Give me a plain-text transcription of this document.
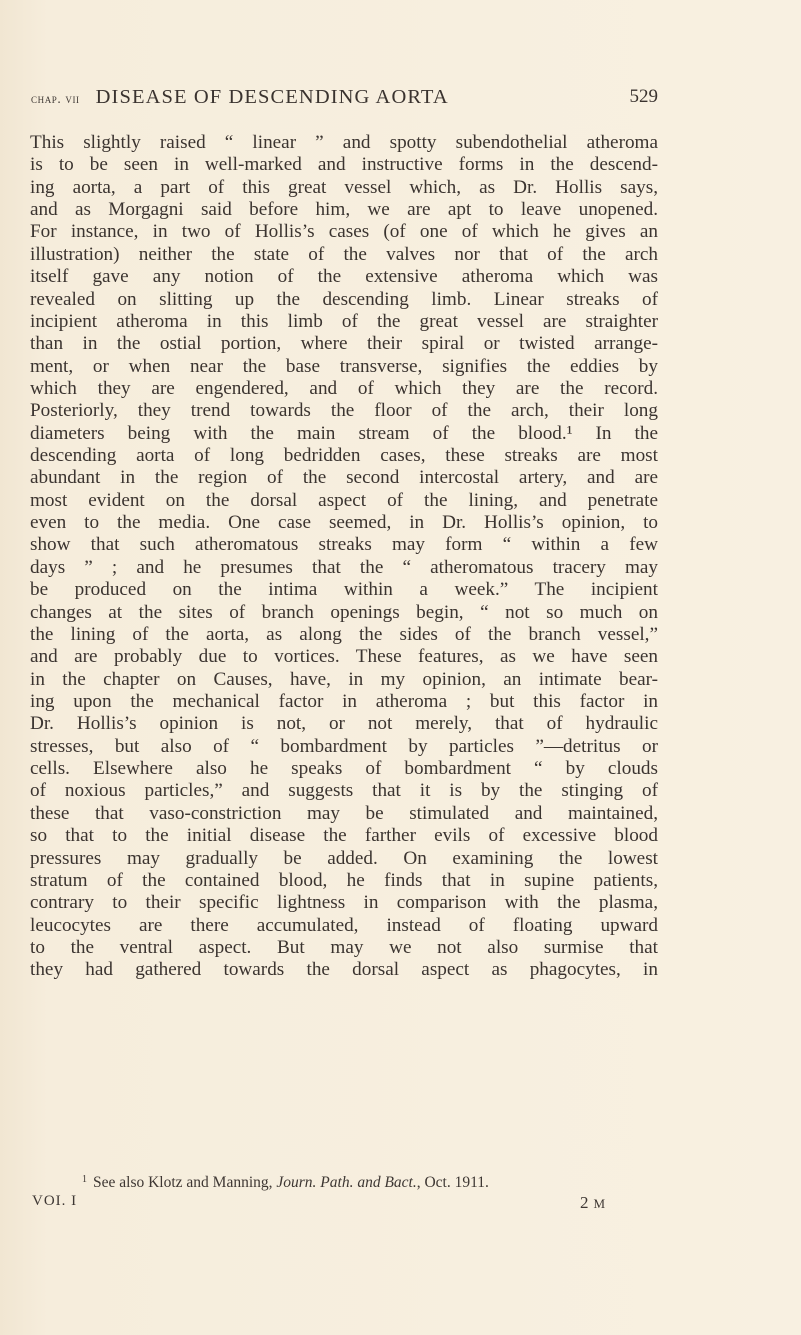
chap. vii DISEASE OF DESCENDING AORTA	529
This slightly raised “ linear ” and spotty subendothelial atheroma
is to be seen in well-marked and instructive forms in the descend-
ing aorta, a part of this great vessel which, as Dr. Hollis says,
and as Morgagni said before him, we are apt to leave unopened.
For instance, in two of Hollis’s cases (of one of which he gives an
illustration) neither the state of the valves nor that of the arch
itself gave any notion of the extensive atheroma which was
revealed on slitting up the descending limb. Linear streaks of
incipient atheroma in this limb of the great vessel are straighter
than in the ostial portion, where their spiral or twisted arrange-
ment, or when near the base transverse, signifies the eddies by
which they are engendered, and of which they are the record.
Posteriorly, they trend towards the floor of the arch, their long
diameters being with the main stream of the blood.¹ In the
descending aorta of long bedridden cases, these streaks are most
abundant in the region of the second intercostal artery, and are
most evident on the dorsal aspect of the lining, and penetrate
even to the media. One case seemed, in Dr. Hollis’s opinion, to
show that such atheromatous streaks may form “ within a few
days ” ; and he presumes that the “ atheromatous tracery may
be produced on the intima within a week.” The incipient
changes at the sites of branch openings begin, “ not so much on
the lining of the aorta, as along the sides of the branch vessel,”
and are probably due to vortices. These features, as we have seen
in the chapter on Causes, have, in my opinion, an intimate bear-
ing upon the mechanical factor in atheroma ; but this factor in
Dr. Hollis’s opinion is not, or not merely, that of hydraulic
stresses, but also of “ bombardment by particles ”—detritus or
cells. Elsewhere also he speaks of bombardment “ by clouds
of noxious particles,” and suggests that it is by the stinging of
these that vaso-constriction may be stimulated and maintained,
so that to the initial disease the farther evils of excessive blood
pressures may gradually be added. On examining the lowest
stratum of the contained blood, he finds that in supine patients,
contrary to their specific lightness in comparison with the plasma,
leucocytes are there accumulated, instead of floating upward
to the ventral aspect. But may we not also surmise that
they had gathered towards the dorsal aspect as phagocytes, in
$^1$ See also Klotz and Manning, Journ. Path. and Bact., Oct. 1911.
VOI. I	2 M
